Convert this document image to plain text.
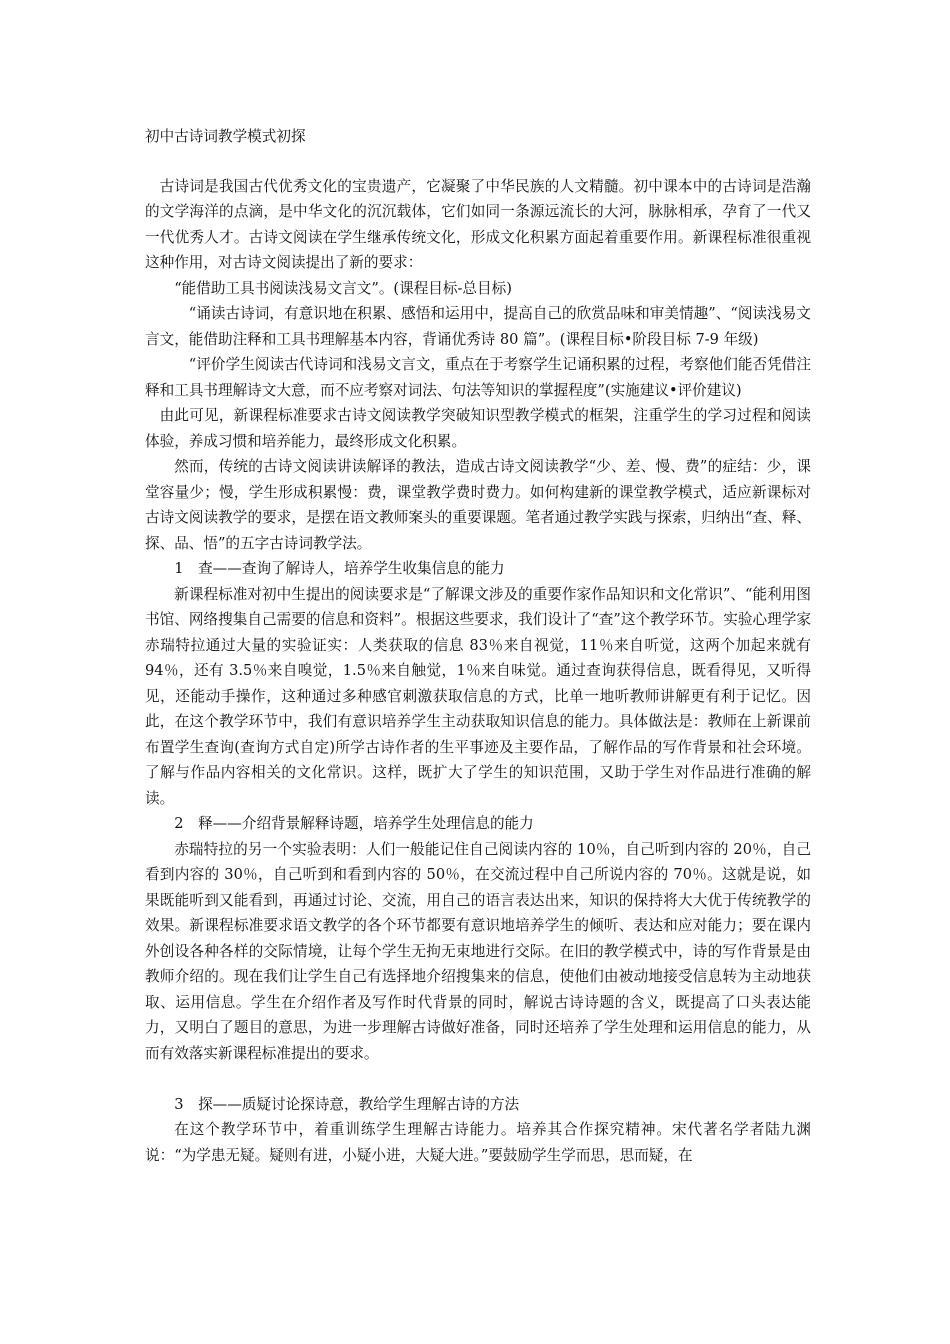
初中古诗词教学模式初探

古诗词是我国古代优秀文化的宝贵遗产，它凝聚了中华民族的人文精髓。初中课本中的古诗词是浩瀚的文学海洋的点滴，是中华文化的沉沉载体，它们如同一条源远流长的大河，脉脉相承，孕育了一代又一代优秀人才。古诗文阅读在学生继承传统文化，形成文化积累方面起着重要作用。新课程标准很重视这种作用，对古诗文阅读提出了新的要求：

“能借助工具书阅读浅易文言文”。(课程目标-总目标)

“诵读古诗词，有意识地在积累、感悟和运用中，提高自己的欣赏品味和审美情趣”、“阅读浅易文言文，能借助注释和工具书理解基本内容，背诵优秀诗 80 篇”。(课程目标•阶段目标 7-9 年级)

“评价学生阅读古代诗词和浅易文言文，重点在于考察学生记诵积累的过程，考察他们能否凭借注释和工具书理解诗文大意，而不应考察对词法、句法等知识的掌握程度”(实施建议•评价建议)

由此可见，新课程标准要求古诗文阅读教学突破知识型教学模式的框架，注重学生的学习过程和阅读体验，养成习惯和培养能力，最终形成文化积累。

然而，传统的古诗文阅读讲读解译的教法，造成古诗文阅读教学“少、差、慢、费”的症结：少，课堂容量少；慢，学生形成积累慢：费，课堂教学费时费力。如何构建新的课堂教学模式，适应新课标对古诗文阅读教学的要求，是摆在语文教师案头的重要课题。笔者通过教学实践与探索，归纳出“查、释、探、品、悟”的五字古诗词教学法。

1　查——查询了解诗人，培养学生收集信息的能力

新课程标准对初中生提出的阅读要求是“了解课文涉及的重要作家作品知识和文化常识”、“能利用图书馆、网络搜集自己需要的信息和资料”。根据这些要求，我们设计了“查”这个教学环节。实验心理学家赤瑞特拉通过大量的实验证实：人类获取的信息 83％来自视觉，11％来自听觉，这两个加起来就有 94％，还有 3.5％来自嗅觉，1.5％来自触觉，1％来自味觉。通过查询获得信息，既看得见，又听得见，还能动手操作，这种通过多种感官刺激获取信息的方式，比单一地听教师讲解更有利于记忆。因此，在这个教学环节中，我们有意识培养学生主动获取知识信息的能力。具体做法是：教师在上新课前布置学生查询(查询方式自定)所学古诗作者的生平事迹及主要作品，了解作品的写作背景和社会环境。了解与作品内容相关的文化常识。这样，既扩大了学生的知识范围，又助于学生对作品进行准确的解读。

2　释——介绍背景解释诗题，培养学生处理信息的能力

赤瑞特拉的另一个实验表明：人们一般能记住自己阅读内容的 10％，自己听到内容的 20％，自己看到内容的 30％，自己听到和看到内容的 50％，在交流过程中自己所说内容的 70％。这就是说，如果既能听到又能看到，再通过讨论、交流，用自己的语言表达出来，知识的保持将大大优于传统教学的效果。新课程标准要求语文教学的各个环节都要有意识地培养学生的倾听、表达和应对能力；要在课内外创设各种各样的交际情境，让每个学生无拘无束地进行交际。在旧的教学模式中，诗的写作背景是由教师介绍的。现在我们让学生自己有选择地介绍搜集来的信息，使他们由被动地接受信息转为主动地获取、运用信息。学生在介绍作者及写作时代背景的同时，解说古诗诗题的含义，既提高了口头表达能力，又明白了题目的意思，为进一步理解古诗做好准备，同时还培养了学生处理和运用信息的能力，从而有效落实新课程标准提出的要求。

3　探——质疑讨论探诗意，教给学生理解古诗的方法

在这个教学环节中，着重训练学生理解古诗能力。培养其合作探究精神。宋代著名学者陆九渊说：“为学患无疑。疑则有进，小疑小进，大疑大进。”要鼓励学生学而思，思而疑，在
